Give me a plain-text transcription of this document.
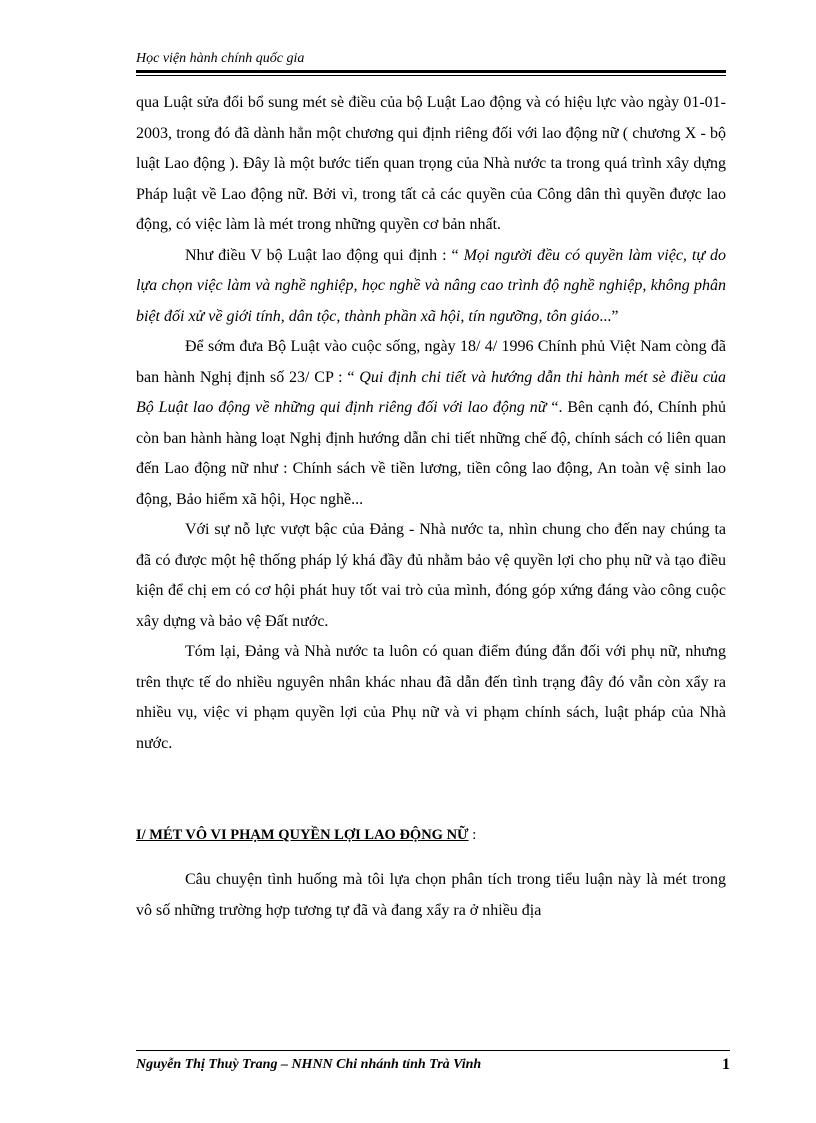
Học viện hành chính quốc gia

qua Luật sửa đổi bổ sung mét sè điều của bộ Luật Lao động và có hiệu lực vào ngày 01-01-2003, trong đó đã dành hẳn một chương qui định riêng đối với lao động nữ ( chương X - bộ luật Lao động ). Đây là một bước tiến quan trọng của Nhà nước ta trong quá trình xây dựng Pháp luật về Lao động nữ. Bởi vì, trong tất cả các quyền của Công dân thì quyền được lao động, có việc làm là mét trong những quyền cơ bản nhất.

Như điều V bộ Luật lao động qui định : “ Mọi người đều có quyền làm việc, tự do lựa chọn việc làm và nghề nghiệp, học nghề và nâng cao trình độ nghề nghiệp, không phân biệt đối xử về giới tính, dân tộc, thành phần xã hội, tín ngưỡng, tôn giáo...”

Để sớm đưa Bộ Luật vào cuộc sống, ngày 18/ 4/ 1996 Chính phủ Việt Nam còng đã ban hành Nghị định số 23/ CP : “ Qui định chi tiết và hướng dẫn thi hành mét sè điều của Bộ Luật lao động về những qui định riêng đối với lao động nữ “. Bên cạnh đó, Chính phủ còn ban hành hàng loạt Nghị định hướng dẫn chi tiết những chế độ, chính sách có liên quan đến Lao động nữ như : Chính sách về tiền lương, tiền công lao động, An toàn vệ sinh lao động, Bảo hiểm xã hội, Học nghề...

Với sự nỗ lực vượt bậc của Đảng - Nhà nước ta, nhìn chung cho đến nay chúng ta đã có được một hệ thống pháp lý khá đầy đủ nhằm bảo vệ quyền lợi cho phụ nữ và tạo điều kiện để chị em có cơ hội phát huy tốt vai trò của mình, đóng góp xứng đáng vào công cuộc xây dựng và bảo vệ Đất nước.

Tóm lại, Đảng và Nhà nước ta luôn có quan điểm đúng đắn đối với phụ nữ, nhưng trên thực tế do nhiều nguyên nhân khác nhau đã dẫn đến tình trạng đây đó vẫn còn xẩy ra nhiều vụ, việc vi phạm quyền lợi của Phụ nữ và vi phạm chính sách, luật pháp của Nhà nước.

I/ MÉT VÔ VI PHẠM QUYỀN LỢI LAO ĐỘNG NỮ :

Câu chuyện tình huống mà tôi lựa chọn phân tích trong tiểu luận này là mét trong vô số những trường hợp tương tự đã và đang xẩy ra ở nhiều địa

Nguyễn Thị Thuỳ Trang – NHNN Chi nhánh tỉnh Trà Vinh	1
